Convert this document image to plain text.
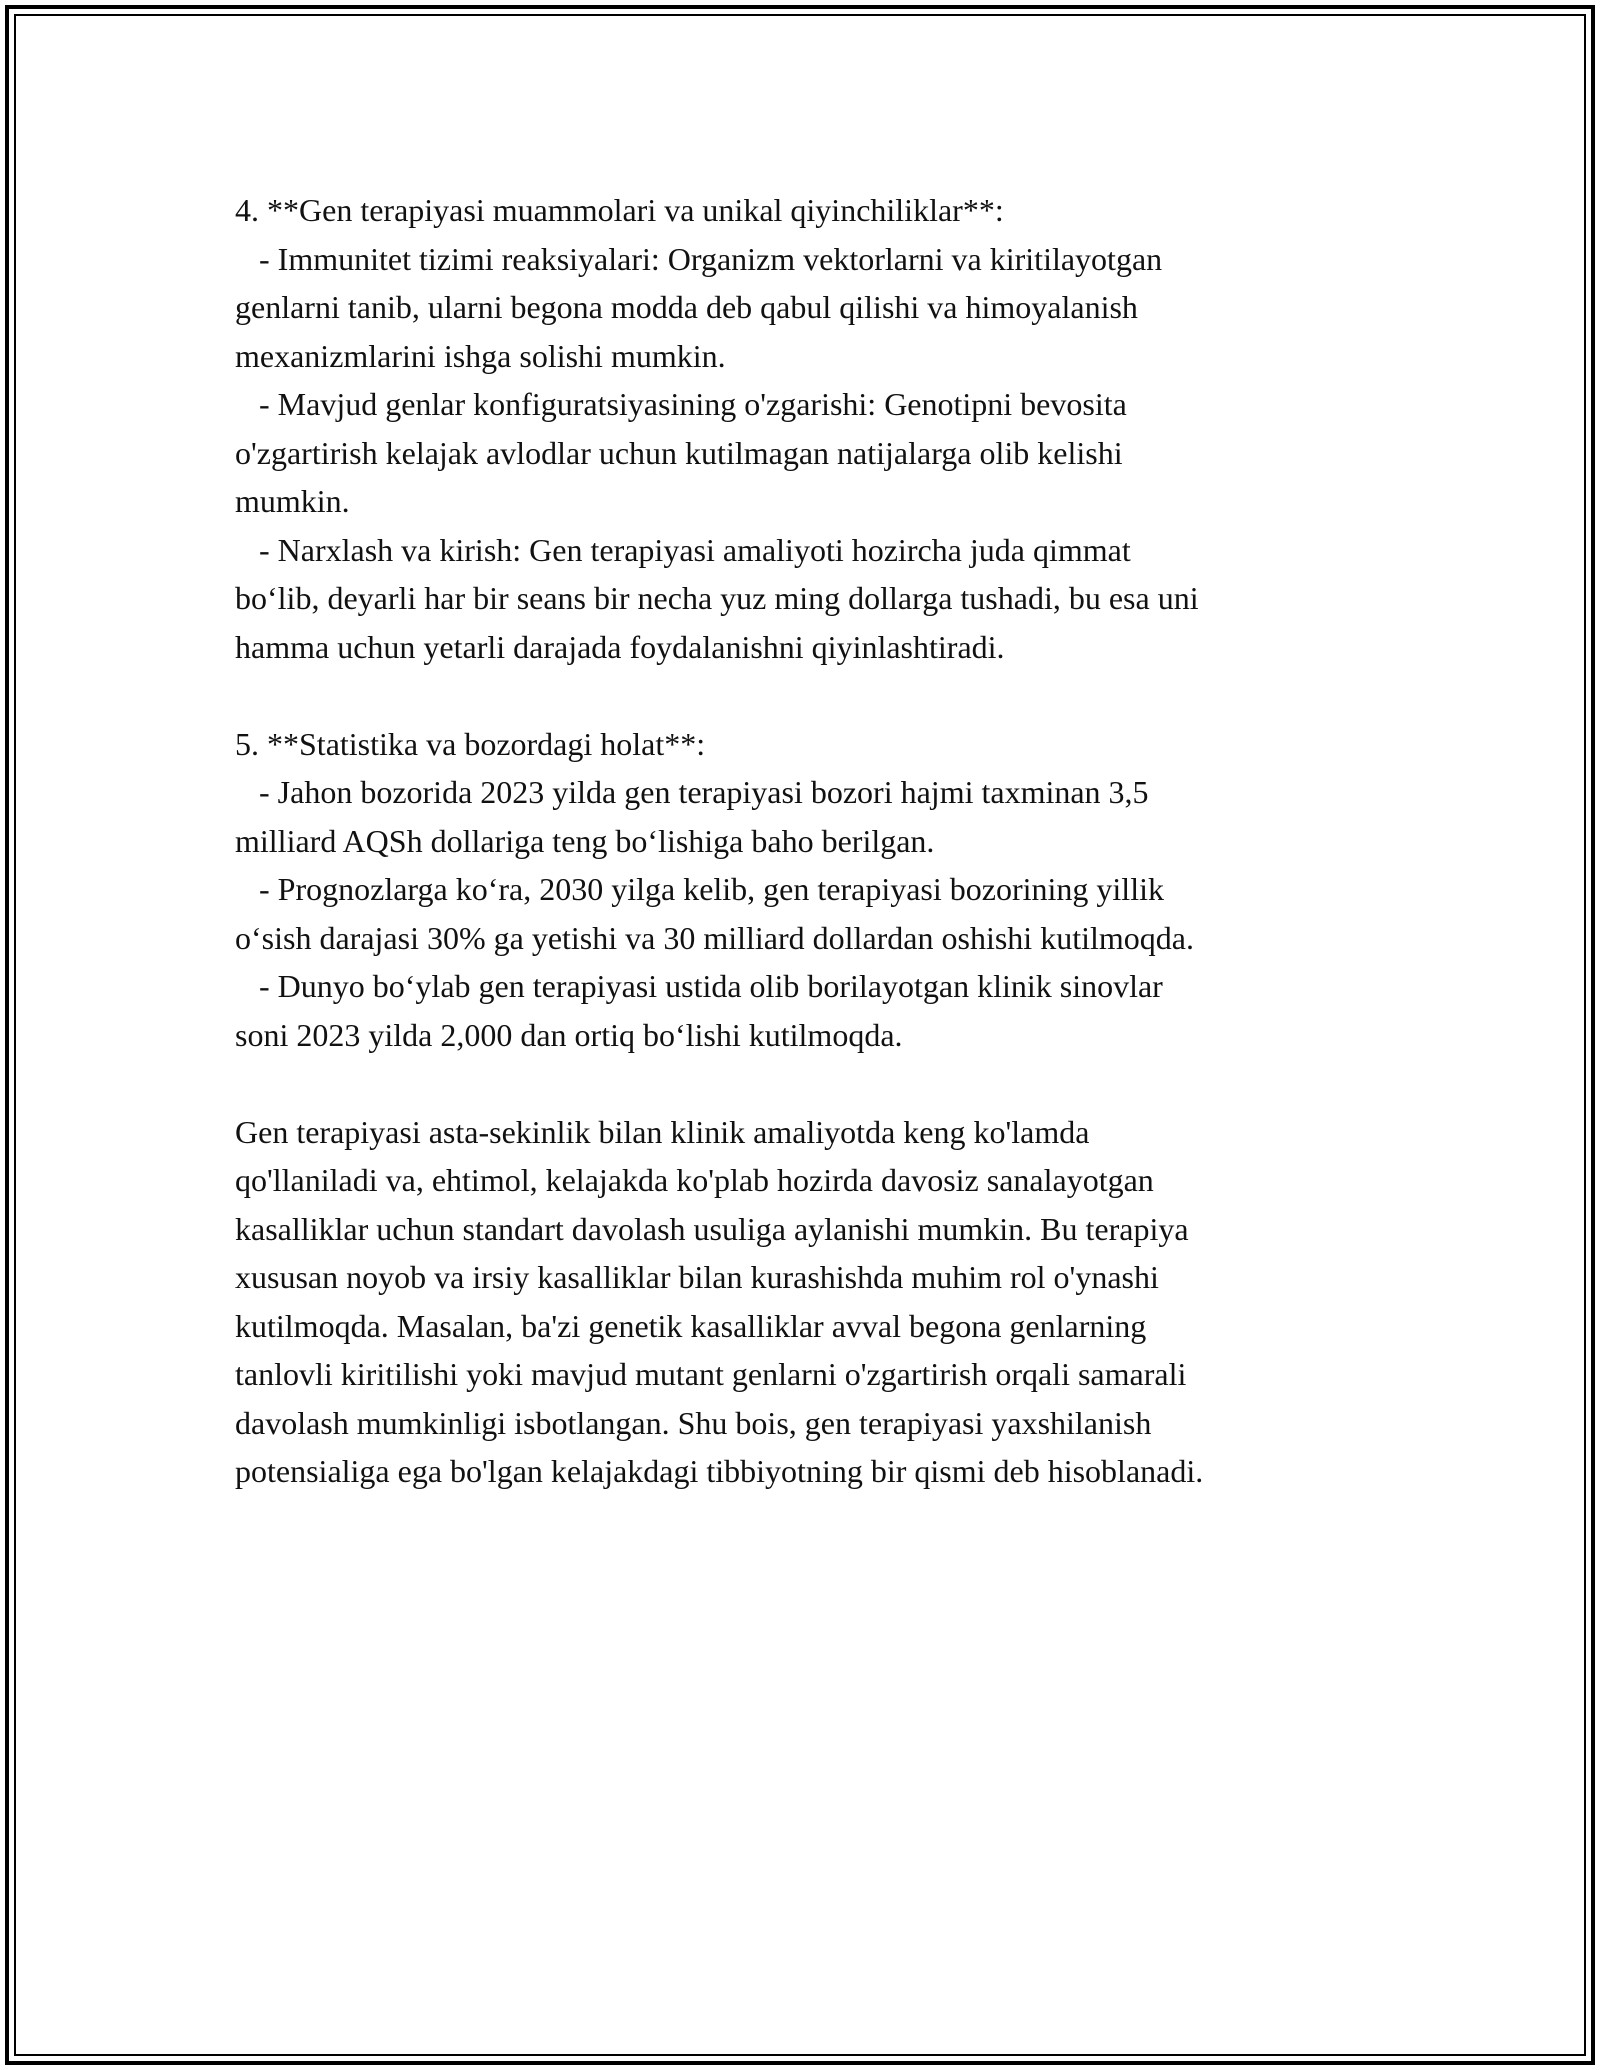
4. **Gen terapiyasi muammolari va unikal qiyinchiliklar**:
- Immunitet tizimi reaksiyalari: Organizm vektorlarni va kiritilayotgan
genlarni tanib, ularni begona modda deb qabul qilishi va himoyalanish
mexanizmlarini ishga solishi mumkin.
- Mavjud genlar konfiguratsiyasining o'zgarishi: Genotipni bevosita
o'zgartirish kelajak avlodlar uchun kutilmagan natijalarga olib kelishi
mumkin.
- Narxlash va kirish: Gen terapiyasi amaliyoti hozircha juda qimmat
bo‘lib, deyarli har bir seans bir necha yuz ming dollarga tushadi, bu esa uni
hamma uchun yetarli darajada foydalanishni qiyinlashtiradi.
5. **Statistika va bozordagi holat**:
- Jahon bozorida 2023 yilda gen terapiyasi bozori hajmi taxminan 3,5
milliard AQSh dollariga teng bo‘lishiga baho berilgan.
- Prognozlarga ko‘ra, 2030 yilga kelib, gen terapiyasi bozorining yillik
o‘sish darajasi 30% ga yetishi va 30 milliard dollardan oshishi kutilmoqda.
- Dunyo bo‘ylab gen terapiyasi ustida olib borilayotgan klinik sinovlar
soni 2023 yilda 2,000 dan ortiq bo‘lishi kutilmoqda.
Gen terapiyasi asta-sekinlik bilan klinik amaliyotda keng ko'lamda
qo'llaniladi va, ehtimol, kelajakda ko'plab hozirda davosiz sanalayotgan
kasalliklar uchun standart davolash usuliga aylanishi mumkin. Bu terapiya
xususan noyob va irsiy kasalliklar bilan kurashishda muhim rol o'ynashi
kutilmoqda. Masalan, ba'zi genetik kasalliklar avval begona genlarning
tanlovli kiritilishi yoki mavjud mutant genlarni o'zgartirish orqali samarali
davolash mumkinligi isbotlangan. Shu bois, gen terapiyasi yaxshilanish
potensialiga ega bo'lgan kelajakdagi tibbiyotning bir qismi deb hisoblanadi.
